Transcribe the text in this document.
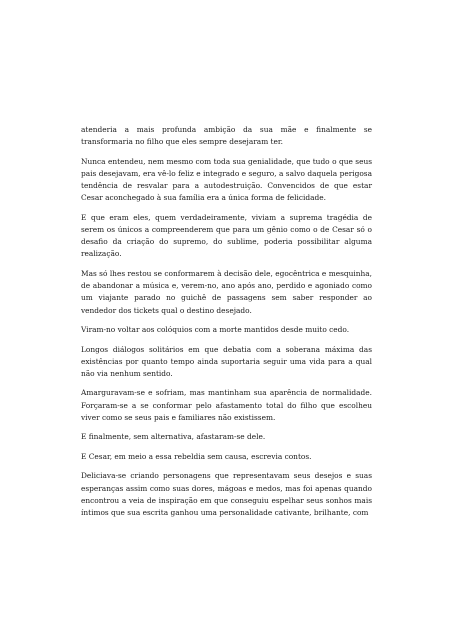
atenderia a mais profunda ambição da sua mãe e finalmente se transformaria no filho que eles sempre desejaram ter.

Nunca entendeu, nem mesmo com toda sua genialidade, que tudo o que seus pais desejavam, era vê-lo feliz e integrado e seguro, a salvo daquela perigosa tendência de resvalar para a autodestruição. Convencidos de que estar Cesar aconchegado à sua família era a única forma de felicidade.

E que eram eles, quem verdadeiramente, viviam a suprema tragédia de serem os únicos a compreenderem que para um gênio como o de Cesar só o desafio da criação do supremo, do sublime, poderia possibilitar alguma realização.

Mas só lhes restou se conformarem à decisão dele, egocêntrica e mesquinha, de abandonar a música e, verem-no, ano após ano, perdido e agoniado como um viajante parado no guichê de passagens sem saber responder ao vendedor dos tickets qual o destino desejado.

Viram-no voltar aos colóquios com a morte mantidos desde muito cedo.

Longos diálogos solitários em que debatia com a soberana máxima das existências por quanto tempo ainda suportaria seguir uma vida para a qual não via nenhum sentido.

Amarguravam-se e sofriam, mas mantinham sua aparência de normalidade. Forçaram-se a se conformar pelo afastamento total do filho que escolheu viver como se seus pais e familiares não existissem.

E finalmente, sem alternativa, afastaram-se dele.

E Cesar, em meio a essa rebeldia sem causa, escrevia contos.

Deliciava-se criando personagens que representavam seus desejos e suas esperanças assim como suas dores, mágoas e medos, mas foi apenas quando encontrou a veia de inspiração em que conseguiu espelhar seus sonhos mais íntimos que sua escrita ganhou uma personalidade cativante, brilhante, com
